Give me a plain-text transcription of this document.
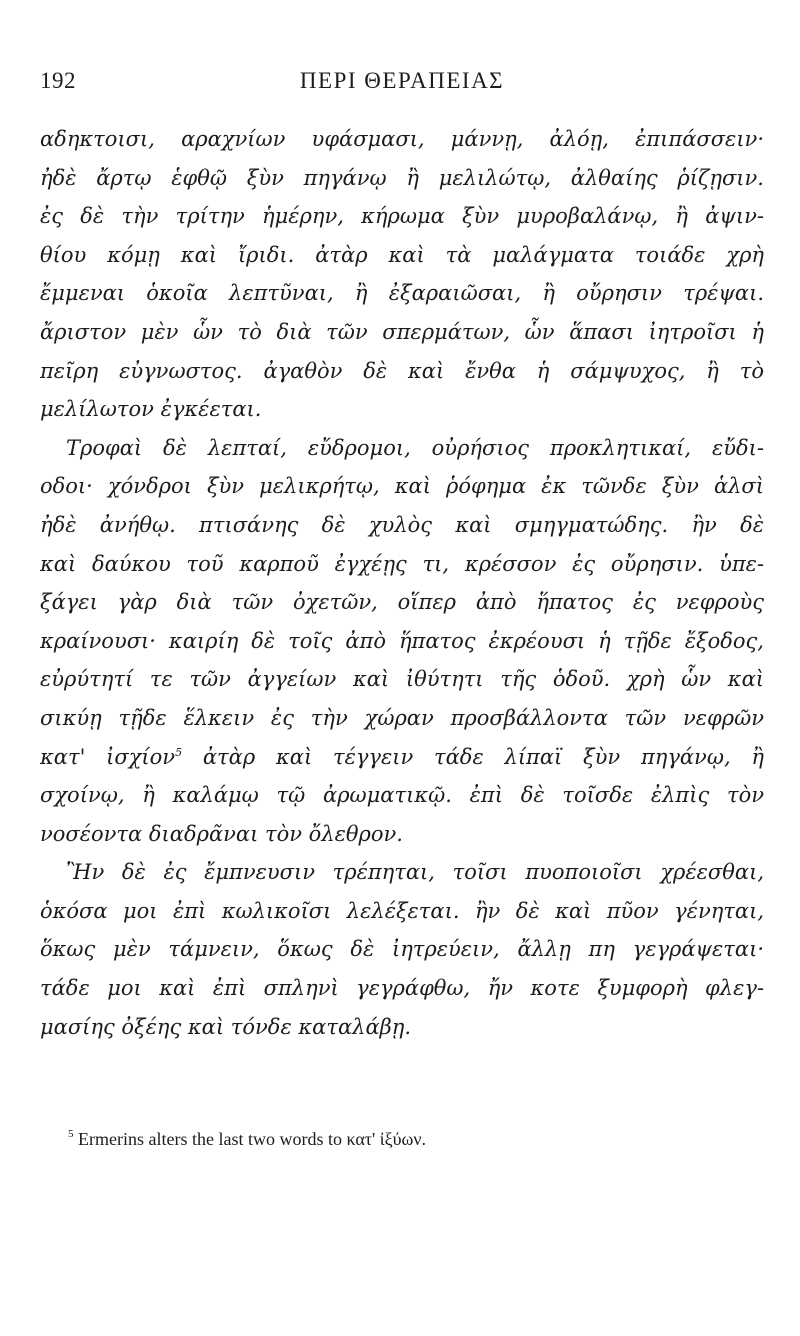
192	ΠΕΡΙ ΘΕΡΑΠΕΙΑΣ
αδηκτοισι, αραχνίων υφάσμασι, μάννῃ, ἀλόῃ, ἐπιπάσσειν·
ἠδὲ ἄρτῳ ἑφθῷ ξὺν πηγάνῳ ἢ μελιλώτῳ, ἀλθαίης ῥίζῃσιν.
ἐς δὲ τὴν τρίτην ἡμέρην, κήρωμα ξὺν μυροβαλάνῳ, ἢ ἀψιν-
θίου κόμῃ καὶ ἴριδι. ἀτὰρ καὶ τὰ μαλάγματα τοιάδε χρὴ
ἔμμεναι ὁκοῖα λεπτῦναι, ἢ ἐξαραιῶσαι, ἢ οὔρησιν τρέψαι.
ἄριστον μὲν ὧν τὸ διὰ τῶν σπερμάτων, ὧν ἅπασι ἰητροῖσι ἡ
πεῖρη εὐγνωστος. ἀγαθὸν δὲ καὶ ἔνθα ἡ σάμψυχος, ἢ τὸ
μελίλωτον ἐγκέεται.
Τροφαὶ δὲ λεπταί, εὔδρομοι, οὐρήσιος προκλητικαί, εὔδι-
οδοι· χόνδροι ξὺν μελικρήτῳ, καὶ ῥόφημα ἐκ τῶνδε ξὺν ἁλσὶ
ἠδὲ ἀνήθῳ. πτισάνης δὲ χυλὸς καὶ σμηγματώδης. ἢν δὲ
καὶ δαύκου τοῦ καρποῦ ἐγχέῃς τι, κρέσσον ἐς οὔρησιν. ὑπε-
ξάγει γὰρ διὰ τῶν ὀχετῶν, οἵπερ ἀπὸ ἥπατος ἐς νεφροὺς
κραίνουσι· καιρίη δὲ τοῖς ἀπὸ ἥπατος ἐκρέουσι ἡ τῇδε ἔξοδος,
εὐρύτητί τε τῶν ἀγγείων καὶ ἰθύτητι τῆς ὁδοῦ. χρὴ ὧν καὶ
σικύῃ τῇδε ἕλκειν ἐς τὴν χώραν προσβάλλοντα τῶν νεφρῶν
κατ' ἰσχίον$^5$ ἀτὰρ καὶ τέγγειν τάδε λίπαϊ ξὺν πηγάνῳ, ἢ
σχοίνῳ, ἢ καλάμῳ τῷ ἀρωματικῷ. ἐπὶ δὲ τοῖσδε ἐλπὶς τὸν
νοσέοντα διαδρᾶναι τὸν ὄλεθρον.
Ἢν δὲ ἐς ἔμπνευσιν τρέπηται, τοῖσι πυοποιοῖσι χρέεσθαι,
ὁκόσα μοι ἐπὶ κωλικοῖσι λελέξεται. ἢν δὲ καὶ πῦον γένηται,
ὅκως μὲν τάμνειν, ὅκως δὲ ἰητρεύειν, ἄλλῃ πη γεγράψεται·
τάδε μοι καὶ ἐπὶ σπληνὶ γεγράφθω, ἤν κοτε ξυμφορὴ φλεγ-
μασίης ὀξέης καὶ τόνδε καταλάβῃ.
$^5$ Ermerins alters the last two words to κατ' ἰξύων.
